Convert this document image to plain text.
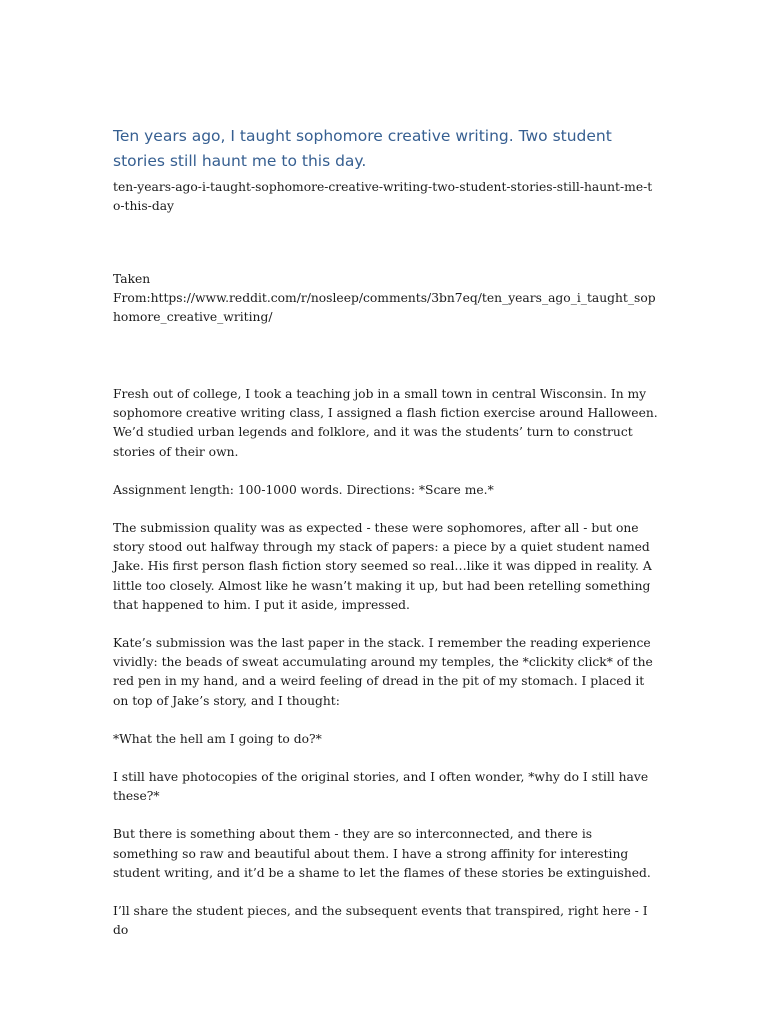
Ten years ago, I taught sophomore creative writing. Two student stories still haunt me to this day.

ten-years-ago-i-taught-sophomore-creative-writing-two-student-stories-still-haunt-me-to-this-day

Taken
From:https://www.reddit.com/r/nosleep/comments/3bn7eq/ten_years_ago_i_taught_sophomore_creative_writing/

Fresh out of college, I took a teaching job in a small town in central Wisconsin. In my sophomore creative writing class, I assigned a flash fiction exercise around Halloween. We’d studied urban legends and folklore, and it was the students’ turn to construct stories of their own.

Assignment length: 100-1000 words. Directions: *Scare me.*

The submission quality was as expected - these were sophomores, after all - but one story stood out halfway through my stack of papers: a piece by a quiet student named Jake. His first person flash fiction story seemed so real…like it was dipped in reality. A little too closely. Almost like he wasn’t making it up, but had been retelling something that happened to him. I put it aside, impressed.

Kate’s submission was the last paper in the stack. I remember the reading experience vividly: the beads of sweat accumulating around my temples, the *clickity click* of the red pen in my hand, and a weird feeling of dread in the pit of my stomach. I placed it on top of Jake’s story, and I thought:

*What the hell am I going to do?*

I still have photocopies of the original stories, and I often wonder, *why do I still have these?*

But there is something about them - they are so interconnected, and there is something so raw and beautiful about them. I have a strong affinity for interesting student writing, and it’d be a shame to let the flames of these stories be extinguished.

I’ll share the student pieces, and the subsequent events that transpired, right here - I do
